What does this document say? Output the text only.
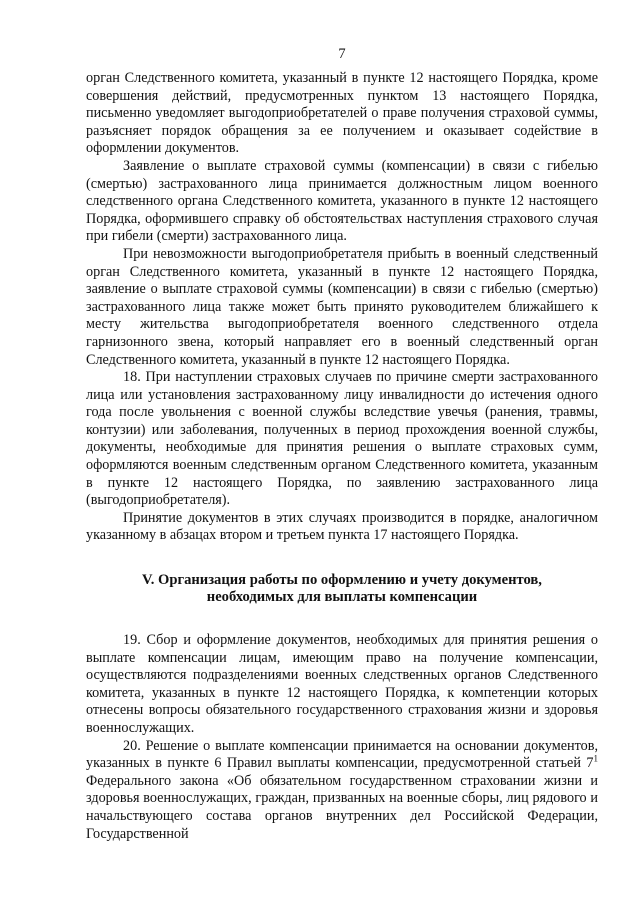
7

орган Следственного комитета, указанный в пункте 12 настоящего Порядка, кроме совершения действий, предусмотренных пунктом 13 настоящего Порядка, письменно уведомляет выгодоприобретателей о праве получения страховой суммы, разъясняет порядок обращения за ее получением и оказывает содействие в оформлении документов.

Заявление о выплате страховой суммы (компенсации) в связи с гибелью (смертью) застрахованного лица принимается должностным лицом военного следственного органа Следственного комитета, указанного в пункте 12 настоящего Порядка, оформившего справку об обстоятельствах наступления страхового случая при гибели (смерти) застрахованного лица.

При невозможности выгодоприобретателя прибыть в военный следственный орган Следственного комитета, указанный в пункте 12 настоящего Порядка, заявление о выплате страховой суммы (компенсации) в связи с гибелью (смертью) застрахованного лица также может быть принято руководителем ближайшего к месту жительства выгодоприобретателя военного следственного отдела гарнизонного звена, который направляет его в военный следственный орган Следственного комитета, указанный в пункте 12 настоящего Порядка.

18. При наступлении страховых случаев по причине смерти застрахованного лица или установления застрахованному лицу инвалидности до истечения одного года после увольнения с военной службы вследствие увечья (ранения, травмы, контузии) или заболевания, полученных в период прохождения военной службы, документы, необходимые для принятия решения о выплате страховых сумм, оформляются военным следственным органом Следственного комитета, указанным в пункте 12 настоящего Порядка, по заявлению застрахованного лица (выгодоприобретателя).

Принятие документов в этих случаях производится в порядке, аналогичном указанному в абзацах втором и третьем пункта 17 настоящего Порядка.

V. Организация работы по оформлению и учету документов,
необходимых для выплаты компенсации

19. Сбор и оформление документов, необходимых для принятия решения о выплате компенсации лицам, имеющим право на получение компенсации, осуществляются подразделениями военных следственных органов Следственного комитета, указанных в пункте 12 настоящего Порядка, к компетенции которых отнесены вопросы обязательного государственного страхования жизни и здоровья военнослужащих.

20. Решение о выплате компенсации принимается на основании документов, указанных в пункте 6 Правил выплаты компенсации, предусмотренной статьей $7^1$ Федерального закона «Об обязательном государственном страховании жизни и здоровья военнослужащих, граждан, призванных на военные сборы, лиц рядового и начальствующего состава органов внутренних дел Российской Федерации, Государственной
